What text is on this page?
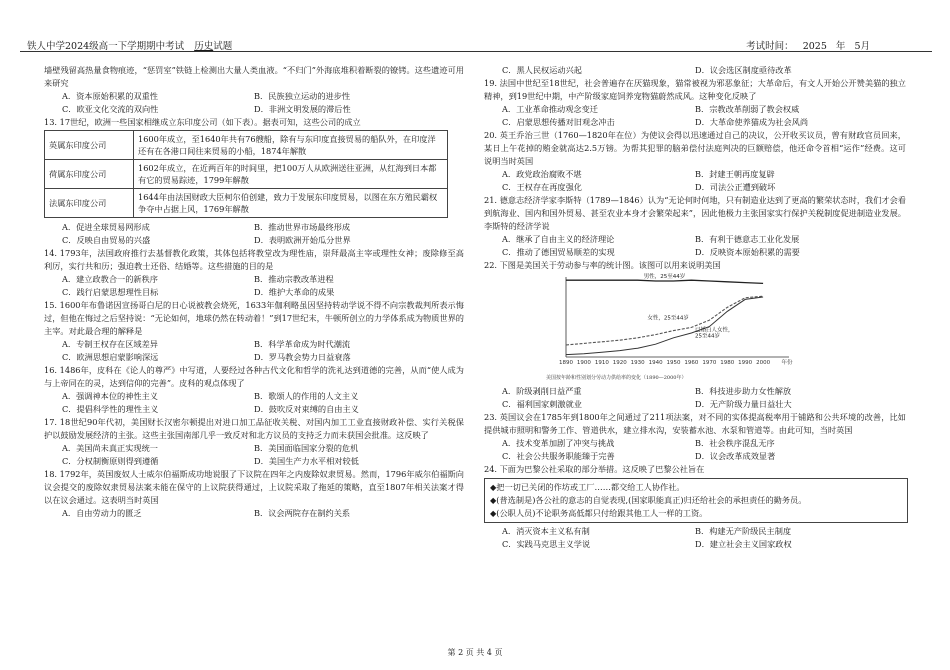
铁人中学2024级高一下学期期中考试 历史试题	考试时间： 2025 年 5月

墙壁残留高热量食物痕迹，“惩罚室”铁链上检测出大量人类血液。“不归门”外海底堆积着断裂的镣铐。这些遗迹可用来研究

A．资本原始积累的双重性	B．民族独立运动的进步性
C．欧亚文化交流的双向性	D．非洲文明发展的滞后性

13. 17世纪，欧洲一些国家相继成立东印度公司（如下表）。据表可知，这些公司的成立

英属东印度公司	1600年成立，至1640年共有76艘船，除有与东印度直接贸易的船队外，在印度洋还有在各港口间往来贸易的小船，1874年解散
荷属东印度公司	1602年成立，在近两百年的时间里，把100万人从欧洲送往亚洲，从红海到日本都有它的贸易踪迹，1799年解散
法属东印度公司	1644年由法国财政大臣柯尔伯创建，致力于发展东印度贸易，以图在东方殖民霸权争夺中占据上风，1769年解散
A．促进全球贸易网形成	B．推动世界市场最终形成
C．反映自由贸易的兴盛	D．表明欧洲开始瓜分世界

14. 1793年，法国政府推行去基督教化政策，其体包括将教堂改为理性庙，崇拜最高主宰或理性女神；废除修至高利厉，实行共和历；强迫教士还俗、结婚等。这些措施的目的是

A．建立政教合一的新秩序	B．推动宗教改革进程
C．践行启蒙思想理性目标	D．维护大革命的成果

15. 1600年布鲁诺因宣扬哥白尼的日心说被教会烧死，1633年伽利略虽因坚持转动学说不得不向宗教裁判所表示悔过，但他在悔过之后坚持说：“无论如何，地球仍然在转动着！”到17世纪末，牛顿所创立的力学体系成为物质世界的主宰。对此最合理的解释是

A．专制王权存在区域差异	B．科学革命成为时代潮流
C．欧洲思想启蒙影响深远	D．罗马教会势力日益衰落

16. 1486年，皮科在《论人的尊严》中写道，人要经过各种古代文化和哲学的洗礼达到道德的完善，从而“使人成为与上帝同在的灵，达到信仰的完善”。皮科的观点体现了

A．强调神本位的神性主义	B．歌颂人的作用的人文主义
C．提倡科学性的理性主义	D．鼓吹反对束缚的自由主义

17. 18世纪90年代初，美国财长汉密尔顿提出对进口加工品征收关税、对国内加工工业直接财政补偿、实行关税保护以鼓励发展经济的主张。这些主张国南部几乎一致反对和北方议员的支持乏力而未获国会批准。这反映了

A．美国尚未真正实现统一	B．美国面临国家分裂的危机
C．分权制衡原则得到遵循	D．美国生产力水平相对较低

18. 1792年，英国废奴人士威尔伯福斯成功地说服了下议院在四年之内废除奴隶贸易。然而，1796年威尔伯福斯向议会提交的废除奴隶贸易法案未能在保守的上议院获得通过，上议院采取了拖延的策略，直至1807年相关法案才得以在议会通过。这表明当时英国

A．自由劳动力的匮乏	B．议会两院存在制约关系
C．黑人民权运动兴起	D．议会选区制度亟待改革

19. 法国中世纪至18世纪，社会普遍存在厌猫现象，猫常被视为邪恶象征；大革命后，有文人开始公开赞美猫的独立精神，到19世纪中期，中产阶级家庭饲养宠物猫蔚然成风。这种变化反映了

A．工业革命推动观念变迁	B．宗教改革削弱了教会权威
C．启蒙思想传播对旧观念冲击	D．大革命使养猫成为社会风尚

20. 英王乔治三世（1760—1820年在位）为使议会得以迅速通过自己的决议，公开收买议员，曾有财政官员回来，某日上午花掉的贿金就高达2.5万镑。为帮其犯罪的脑弟偿付法庭判决的巨额赔偿，他还命令首相“运作”经费。这可说明当时英国

A．政党政治腐败不堪	B．封建王朝再度复辟
C．王权存在再度强化	D．司法公正遭到破坏

21. 德意志经济学家李斯特（1789—1846）认为“无论何时何地，只有制造业达到了更高的繁荣状态时，我们才会看到航海业、国内和国外贸易、甚至农业本身才会繁荣起来”，因此他极力主张国家实行保护关税制度促进制造业发展。李斯特的经济学说

A．继承了自由主义的经济理论	B．有利于德意志工业化发展
C．推动了德国贸易顺差的实现	D．反映资本原始积累的需要

22. 下图是美国关于劳动参与率的统计图。该图可以用来说明美国

1890 1900 1910 1920 1930 1940 1950 1960 1970 1980 1990 2000 年份
男性，25至44岁
女性，25至44岁
已婚白人女性，
25至44岁
美国按年龄和性别划分劳动力供给率的变化（1890—2000年）
A．阶级剥削日益严重	B．科技进步助力女性解放
C．福利国家刺激就业	D．无产阶级力量日益壮大

23. 英国议会在1785年到1800年之间通过了211项法案，对不同的实体提高税率用于铺路和公共环境的改善，比如提供城市照明和警务工作、管道供水，建立排水沟，安装蓄水池、水泵和管道等。由此可知，当时英国

A．技术变革加剧了冲突与挑战	B．社会秩序混乱无序
C．社会公共服务职能臻于完善	D．议会改革成效显著

24. 下面为巴黎公社采取的部分举措。这反映了巴黎公社旨在

◆把一切已关闭的作坊或工厂……都交给工人协作社。

◆(普选制是)各公社的意志的自觉表现,(国家职能真正)归还给社会的承担责任的勤务员。

◆(公职人员)不论职务高低都只付给跟其他工人一样的工资。

A．消灭资本主义私有制	B．构建无产阶级民主制度
C．实践马克思主义学说	D．建立社会主义国家政权
第 2 页 共 4 页
